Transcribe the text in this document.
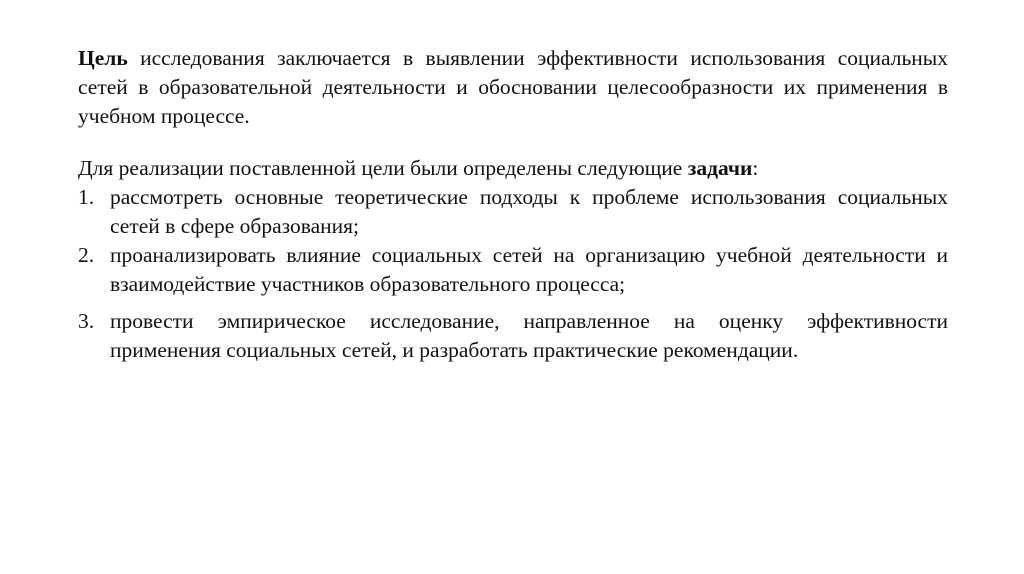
Цель исследования заключается в выявлении эффективности использования социальных сетей в образовательной деятельности и обосновании целесообразности их применения в учебном процессе.

Для реализации поставленной цели были определены следующие задачи:

1. рассмотреть основные теоретические подходы к проблеме использования социальных сетей в сфере образования;
2. проанализировать влияние социальных сетей на организацию учебной деятельности и взаимодействие участников образовательного процесса;
3. провести эмпирическое исследование, направленное на оценку эффективности применения социальных сетей, и разработать практические рекомендации.
